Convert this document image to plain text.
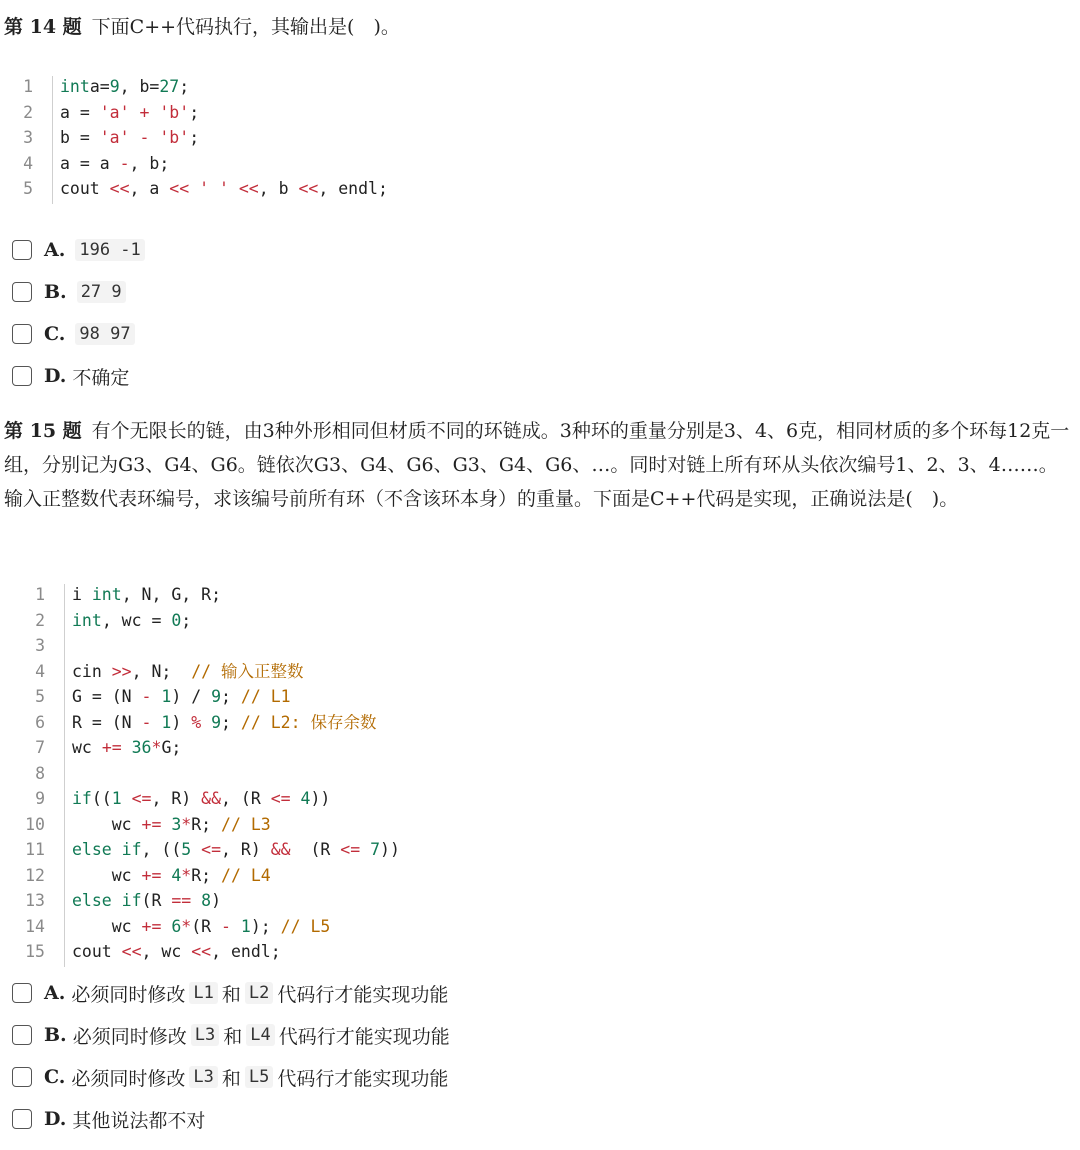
第 14 题 下面C++代码执行，其输出是(　)。
1 inta=9, b=27;
2 a = 'a' + 'b';
3 b = 'a' - 'b';
4 a = a -, b;
5 cout <<, a << ' ' <<, b <<, endl;
A. 196 -1
B. 27 9
C. 98 97
D. 不确定
第 15 题 有个无限长的链，由3种外形相同但材质不同的环链成。3种环的重量分别是3、4、6克，相同材质的多个环每12克一组，分别记为G3、G4、G6。链依次G3、G4、G6、G3、G4、G6、…。同时对链上所有环从头依次编号1、2、3、4……。输入正整数代表环编号，求该编号前所有环（不含该环本身）的重量。下面是C++代码是实现，正确说法是(　)。
1 i int, N, G, R;
2 int, wc = 0;
3
4 cin >>, N;  // 输入正整数
5 G = (N - 1) / 9; // L1
6 R = (N - 1) % 9; // L2: 保存余数
7 wc += 36*G;
8
9 if((1 <=, R) &&, (R <= 4))
10 wc += 3*R; // L3
11 else if, ((5 <=, R) &&  (R <= 7))
12 wc += 4*R; // L4
13 else if(R == 8)
14 wc += 6*(R - 1); // L5
15 cout <<, wc <<, endl;
A. 必须同时修改 L1 和 L2 代码行才能实现功能
B. 必须同时修改 L3 和 L4 代码行才能实现功能
C. 必须同时修改 L3 和 L5 代码行才能实现功能
D. 其他说法都不对
